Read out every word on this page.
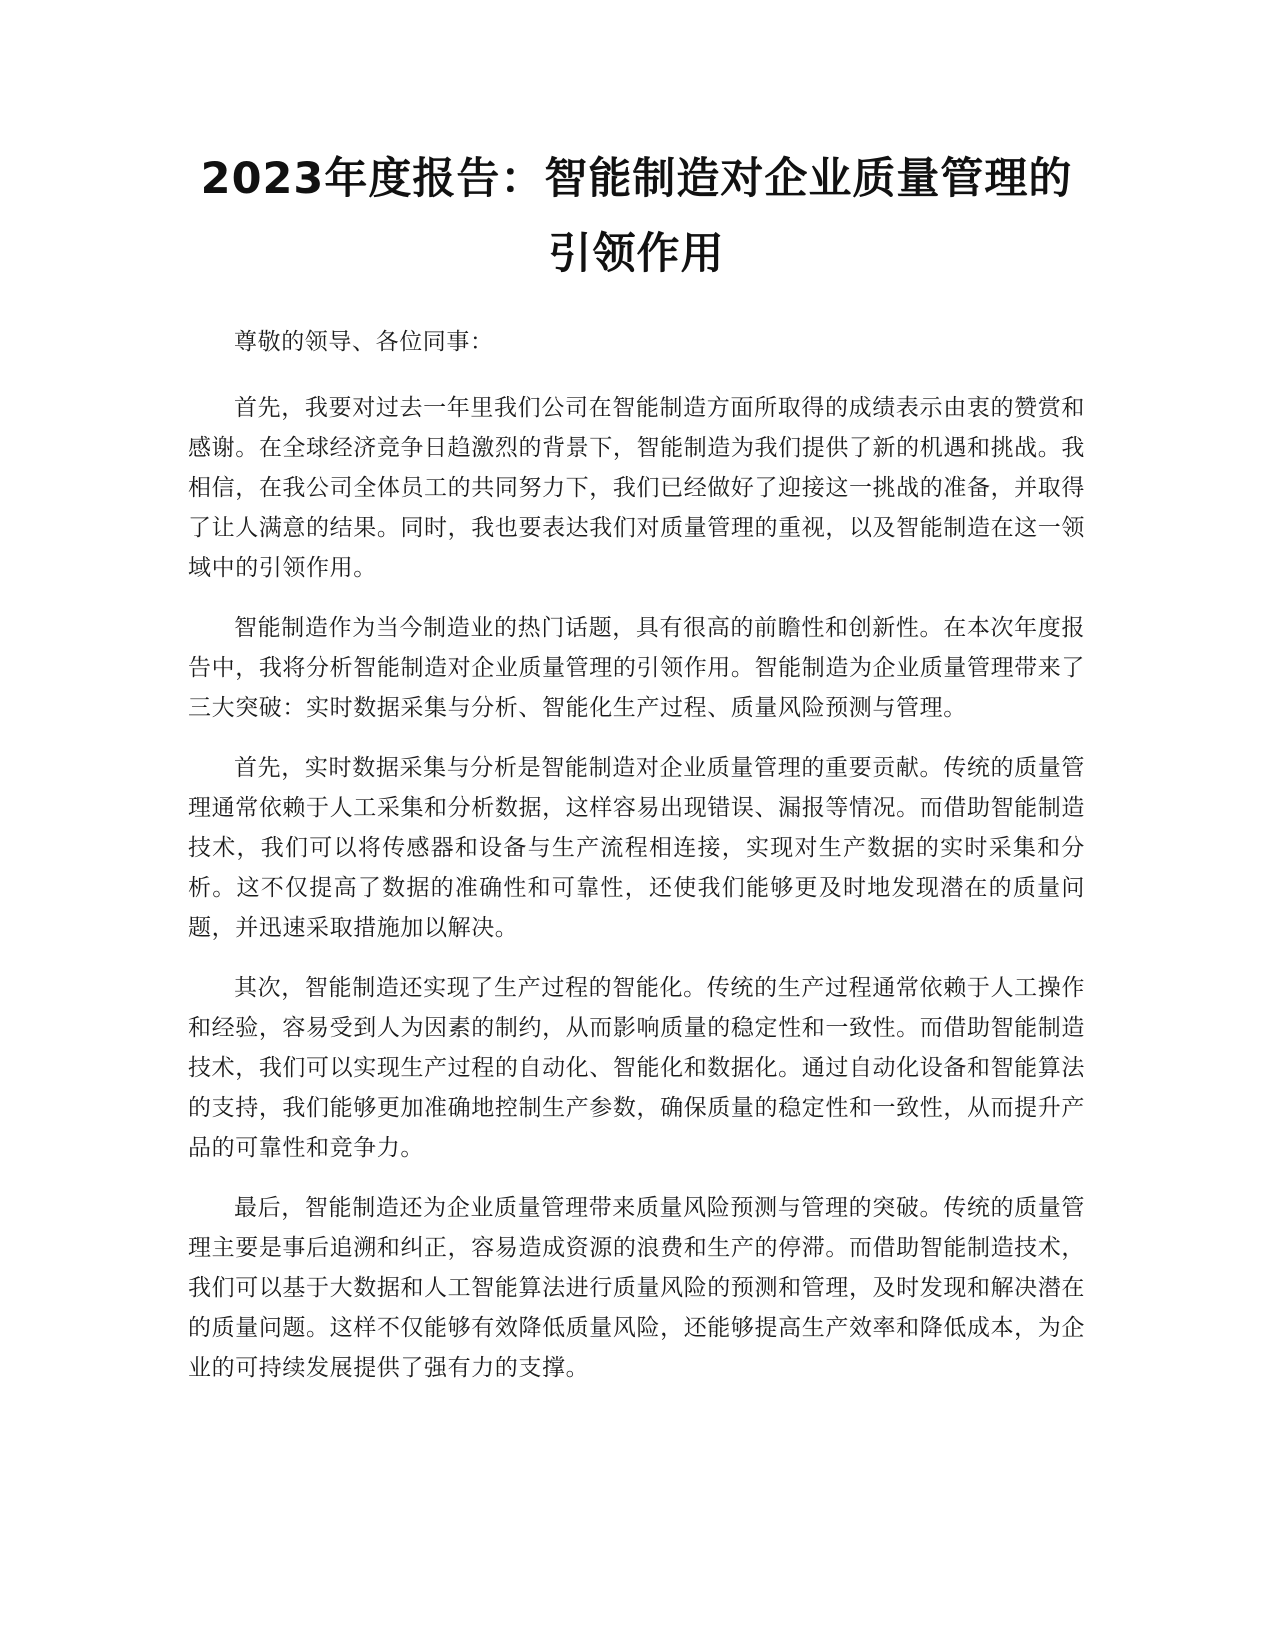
2023年度报告：智能制造对企业质量管理的
引领作用

尊敬的领导、各位同事：

首先，我要对过去一年里我们公司在智能制造方面所取得的成绩表示由衷的赞赏和感谢。在全球经济竞争日趋激烈的背景下，智能制造为我们提供了新的机遇和挑战。我相信，在我公司全体员工的共同努力下，我们已经做好了迎接这一挑战的准备，并取得了让人满意的结果。同时，我也要表达我们对质量管理的重视，以及智能制造在这一领域中的引领作用。

智能制造作为当今制造业的热门话题，具有很高的前瞻性和创新性。在本次年度报告中，我将分析智能制造对企业质量管理的引领作用。智能制造为企业质量管理带来了三大突破：实时数据采集与分析、智能化生产过程、质量风险预测与管理。

首先，实时数据采集与分析是智能制造对企业质量管理的重要贡献。传统的质量管理通常依赖于人工采集和分析数据，这样容易出现错误、漏报等情况。而借助智能制造技术，我们可以将传感器和设备与生产流程相连接，实现对生产数据的实时采集和分析。这不仅提高了数据的准确性和可靠性，还使我们能够更及时地发现潜在的质量问题，并迅速采取措施加以解决。

其次，智能制造还实现了生产过程的智能化。传统的生产过程通常依赖于人工操作和经验，容易受到人为因素的制约，从而影响质量的稳定性和一致性。而借助智能制造技术，我们可以实现生产过程的自动化、智能化和数据化。通过自动化设备和智能算法的支持，我们能够更加准确地控制生产参数，确保质量的稳定性和一致性，从而提升产品的可靠性和竞争力。

最后，智能制造还为企业质量管理带来质量风险预测与管理的突破。传统的质量管理主要是事后追溯和纠正，容易造成资源的浪费和生产的停滞。而借助智能制造技术，我们可以基于大数据和人工智能算法进行质量风险的预测和管理，及时发现和解决潜在的质量问题。这样不仅能够有效降低质量风险，还能够提高生产效率和降低成本，为企业的可持续发展提供了强有力的支撑。
